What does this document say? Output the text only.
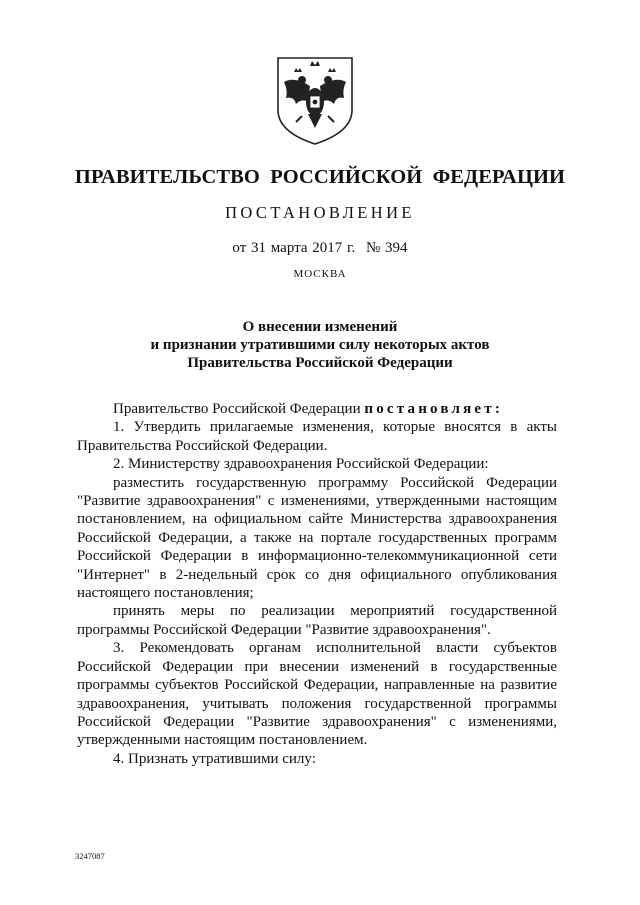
ПРАВИТЕЛЬСТВО РОССИЙСКОЙ ФЕДЕРАЦИИ
ПОСТАНОВЛЕНИЕ
от 31 марта 2017 г. № 394
МОСКВА
О внесении изменений
и признании утратившими силу некоторых актов
Правительства Российской Федерации

Правительство Российской Федерации постановляет:

1. Утвердить прилагаемые изменения, которые вносятся в акты Правительства Российской Федерации.

2. Министерству здравоохранения Российской Федерации:

разместить государственную программу Российской Федерации "Развитие здравоохранения" с изменениями, утвержденными настоящим постановлением, на официальном сайте Министерства здравоохранения Российской Федерации, а также на портале государственных программ Российской Федерации в информационно-телекоммуникационной сети "Интернет" в 2-недельный срок со дня официального опубликования настоящего постановления;

принять меры по реализации мероприятий государственной программы Российской Федерации "Развитие здравоохранения".

3. Рекомендовать органам исполнительной власти субъектов Российской Федерации при внесении изменений в государственные программы субъектов Российской Федерации, направленные на развитие здравоохранения, учитывать положения государственной программы Российской Федерации "Развитие здравоохранения" с изменениями, утвержденными настоящим постановлением.

4. Признать утратившими силу:

3247087
